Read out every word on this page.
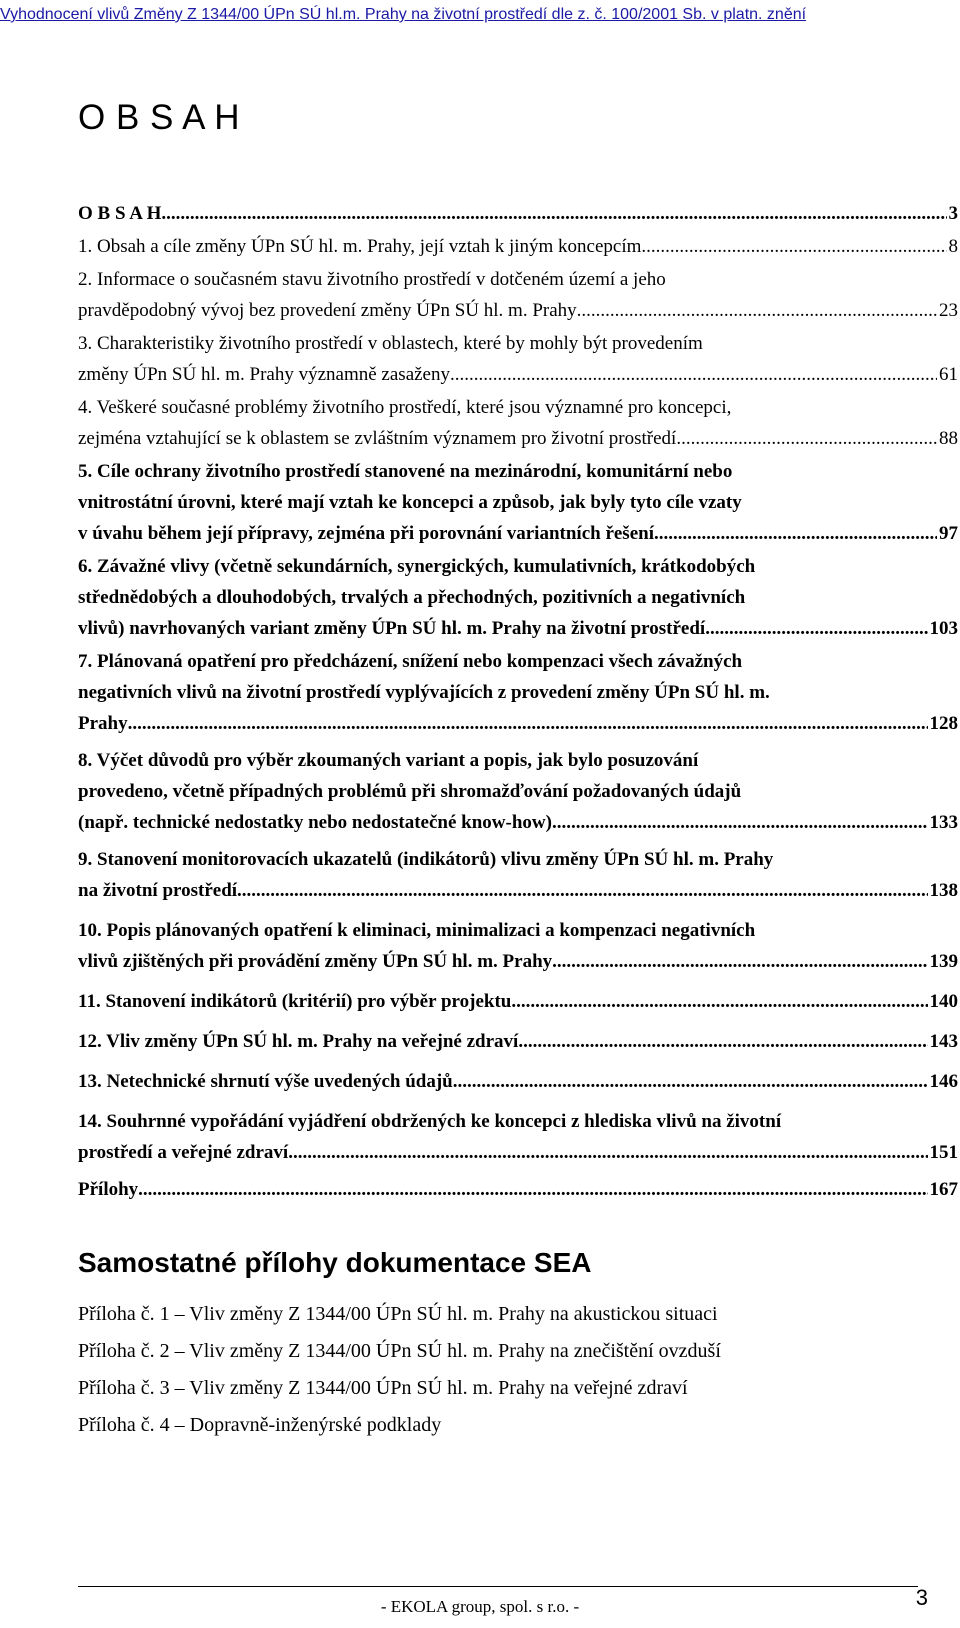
Vyhodnocení vlivů Změny Z 1344/00 ÚPn SÚ hl.m. Prahy na životní prostředí dle z. č. 100/2001 Sb. v platn. znění
O B S A H
O B S A H .....	3
1. Obsah a cíle změny ÚPn SÚ hl. m. Prahy, její vztah k jiným koncepcím .....	8
2. Informace o současném stavu životního prostředí v dotčeném území a jeho
pravděpodobný vývoj bez provedení změny ÚPn SÚ hl. m. Prahy .....	23
3. Charakteristiky životního prostředí v oblastech, které by mohly být provedením
změny ÚPn SÚ hl. m. Prahy významně zasaženy .....	61
4. Veškeré současné problémy životního prostředí, které jsou významné pro koncepci,
zejména vztahující se k oblastem se zvláštním významem pro životní prostředí .....	88
5. Cíle ochrany životního prostředí stanovené na mezinárodní, komunitární nebo
vnitrostátní úrovni, které mají vztah ke koncepci a způsob, jak byly tyto cíle vzaty
v úvahu během její přípravy, zejména při porovnání variantních řešení .....	97
6. Závažné vlivy (včetně sekundárních, synergických, kumulativních, krátkodobých
střednědobých a dlouhodobých, trvalých a přechodných, pozitivních a negativních
vlivů) navrhovaných variant změny ÚPn SÚ hl. m. Prahy na životní prostředí .....	103
7. Plánovaná opatření pro předcházení, snížení nebo kompenzaci všech závažných
negativních vlivů na životní prostředí vyplývajících z provedení změny ÚPn SÚ hl. m.
Prahy .....	128
8. Výčet důvodů pro výběr zkoumaných variant a popis, jak bylo posuzování
provedeno, včetně případných problémů při shromažďování požadovaných údajů
(např. technické nedostatky nebo nedostatečné know-how) .....	133
9. Stanovení monitorovacích ukazatelů (indikátorů) vlivu změny ÚPn SÚ hl. m. Prahy
na životní prostředí .....	138
10. Popis plánovaných opatření k eliminaci, minimalizaci a kompenzaci negativních
vlivů zjištěných při provádění změny ÚPn SÚ hl. m. Prahy .....	139
11. Stanovení indikátorů (kritérií) pro výběr projektu .....	140
12. Vliv změny ÚPn SÚ hl. m. Prahy na veřejné zdraví .....	143
13. Netechnické shrnutí výše uvedených údajů .....	146
14. Souhrnné vypořádání vyjádření obdržených ke koncepci z hlediska vlivů na životní
prostředí a veřejné zdraví .....	151
Přílohy .....	167
Samostatné přílohy dokumentace SEA
Příloha č. 1 – Vliv změny Z 1344/00 ÚPn SÚ hl. m. Prahy na akustickou situaci
Příloha č. 2 – Vliv změny Z 1344/00 ÚPn SÚ hl. m. Prahy na znečištění ovzduší
Příloha č. 3 – Vliv změny Z 1344/00 ÚPn SÚ hl. m. Prahy na veřejné zdraví
Příloha č. 4 – Dopravně-inženýrské podklady
- EKOLA group, spol. s r.o. -	3
